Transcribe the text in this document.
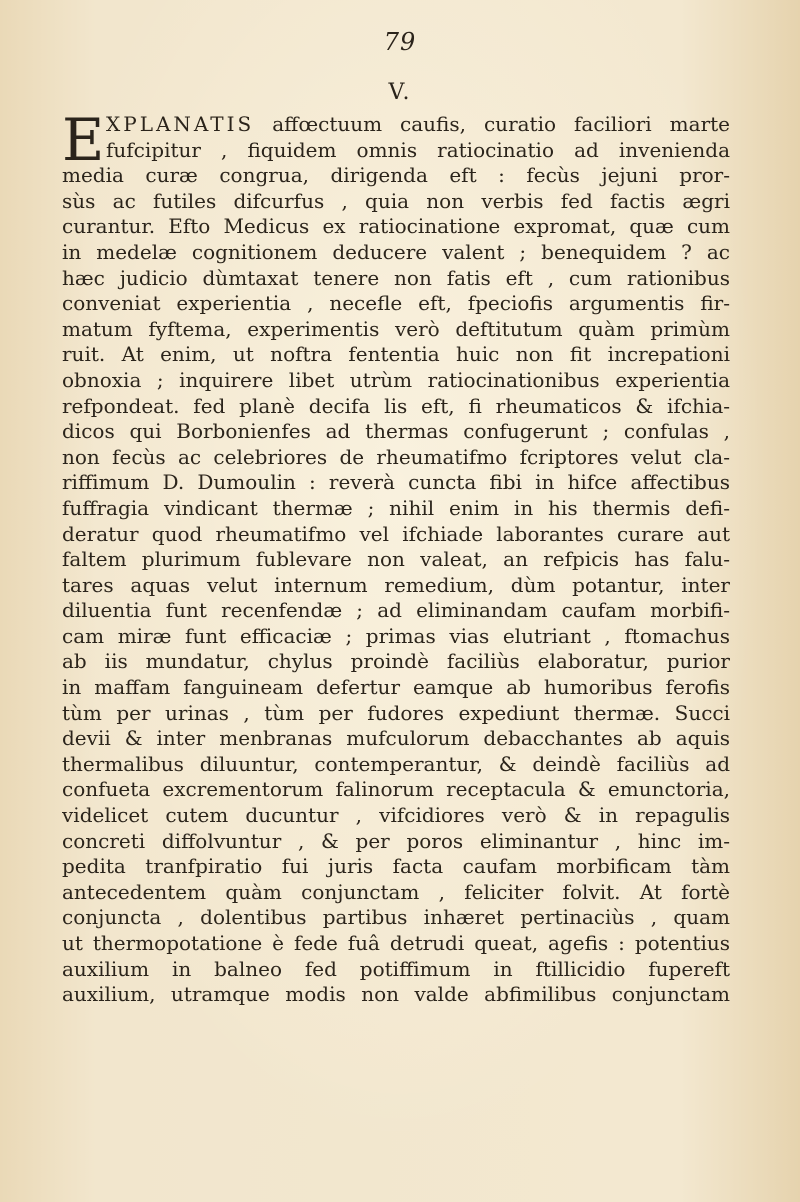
79
V.
E XPLANATIS affœctuum caufis, curatio faciliori marte
fufcipitur , fiquidem omnis ratiocinatio ad invenienda
media curæ congrua, dirigenda eft : fecùs jejuni pror-
sùs ac futiles difcurfus , quia non verbis fed factis ægri
curantur. Efto Medicus ex ratiocinatione expromat, quæ cum
in medelæ cognitionem deducere valent ; benequidem ? ac
hæc judicio dùmtaxat tenere non fatis eft , cum rationibus
conveniat experientia , necefle eft, fpeciofis argumentis fir-
matum fyftema, experimentis verò deftitutum quàm primùm
ruit. At enim, ut noftra fententia huic non fit increpationi
obnoxia ; inquirere libet utrùm ratiocinationibus experientia
refpondeat. fed planè decifa lis eft, fi rheumaticos & ifchia-
dicos qui Borbonienfes ad thermas confugerunt ; confulas ,
non fecùs ac celebriores de rheumatifmo fcriptores velut cla-
riffimum D. Dumoulin : reverà cuncta fibi in hifce affectibus
fuffragia vindicant thermæ ; nihil enim in his thermis defi-
deratur quod rheumatifmo vel ifchiade laborantes curare aut
faltem plurimum fublevare non valeat, an refpicis has falu-
tares aquas velut internum remedium, dùm potantur, inter
diluentia funt recenfendæ ; ad eliminandam caufam morbifi-
cam miræ funt efficaciæ ; primas vias elutriant , ftomachus
ab iis mundatur, chylus proindè faciliùs elaboratur, purior
in maffam fanguineam defertur eamque ab humoribus ferofis
tùm per urinas , tùm per fudores expediunt thermæ. Succi
devii & inter menbranas mufculorum debacchantes ab aquis
thermalibus diluuntur, contemperantur, & deindè faciliùs ad
confueta excrementorum falinorum receptacula & emunctoria,
videlicet cutem ducuntur , vifcidiores verò & in repagulis
concreti diffolvuntur , & per poros eliminantur , hinc im-
pedita tranfpiratio fui juris facta caufam morbificam tàm
antecedentem quàm conjunctam , feliciter folvit. At fortè
conjuncta , dolentibus partibus inhæret pertinaciùs , quam
ut thermopotatione è fede fuâ detrudi queat, agefis : potentius
auxilium in balneo fed potiffimum in ftillicidio fupereft
auxilium, utramque modis non valde abfimilibus conjunctam
